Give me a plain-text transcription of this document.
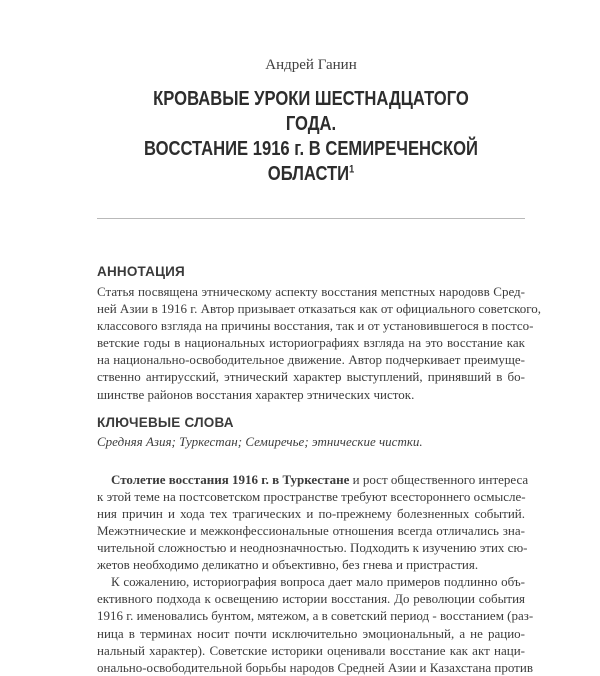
Андрей Ганин
КРОВАВЫЕ УРОКИ ШЕСТНАДЦАТОГО ГОДА.
ВОССТАНИЕ 1916 г. В СЕМИРЕЧЕНСКОЙ
ОБЛАСТИ$^1$
АННОТАЦИЯ
Статья посвящена этническому аспекту восстания мепстных народовв Сред-
ней Азии в 1916 г. Автор призывает отказаться как от официального советского,
классового взгляда на причины восстания, так и от установившегося в постсо-
ветские годы в национальных историографиях взгляда на это восстание как
на национально-освободительное движение. Автор подчеркивает преимуще-
ственно антирусский, этнический характер выступлений, принявший в бо-
шинстве районов восстания характер этнических чисток.
КЛЮЧЕВЫЕ СЛОВА
Средняя Азия; Туркестан; Семиречье; этнические чистки.
Столетие восстания 1916 г. в Туркестане и рост общественного интереса
к этой теме на постсоветском пространстве требуют всестороннего осмысле-
ния причин и хода тех трагических и по-прежнему болезненных событий.
Межэтнические и межконфессиональные отношения всегда отличались зна-
чительной сложностью и неоднозначностью. Подходить к изучению этих сю-
жетов необходимо деликатно и объективно, без гнева и пристрастия.
К сожалению, историография вопроса дает мало примеров подлинно объ-
ективного подхода к освещению истории восстания. До революции события
1916 г. именовались бунтом, мятежом, а в советский период - восстанием (раз-
ница в терминах носит почти исключительно эмоциональный, а не рацио-
нальный характер). Советские историки оценивали восстание как акт наци-
онально-освободительной борьбы народов Средней Азии и Казахстана против
